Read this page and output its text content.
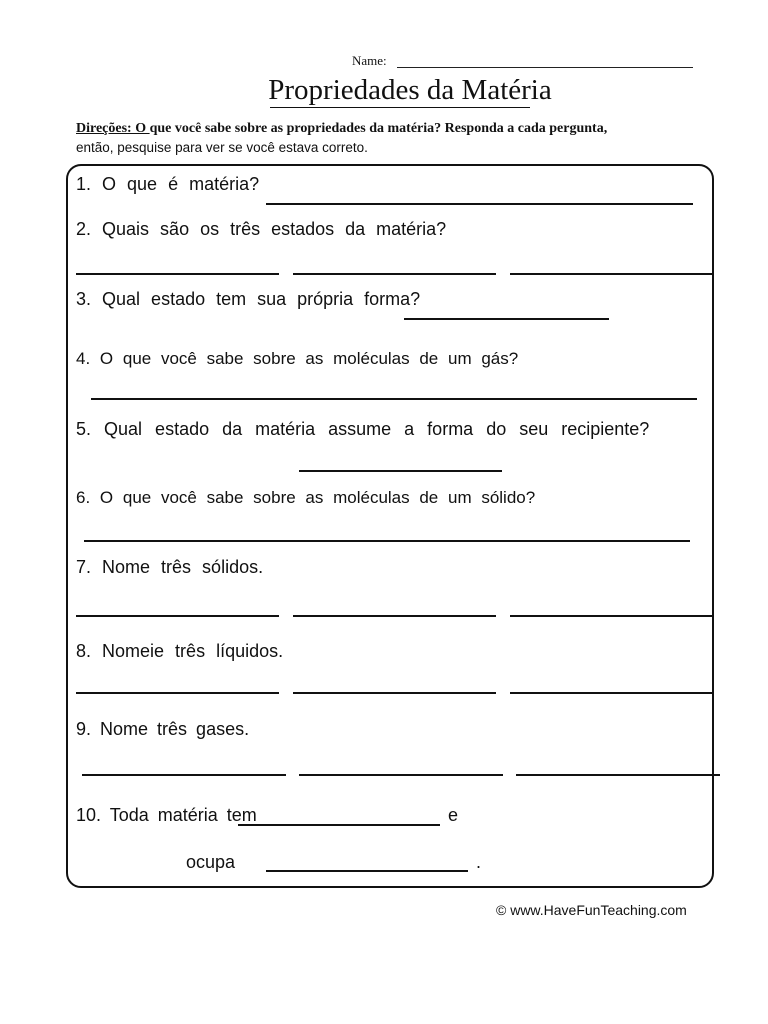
Name:
Propriedades da Matéria
Direções: O que você sabe sobre as propriedades da matéria? Responda a cada pergunta,
então, pesquise para ver se você estava correto.
1. O que é matéria?
2. Quais são os três estados da matéria?
3. Qual estado tem sua própria forma?
4. O que você sabe sobre as moléculas de um gás?
5. Qual estado da matéria assume a forma do seu recipiente?
6. O que você sabe sobre as moléculas de um sólido?
7. Nome três sólidos.
8. Nomeie três líquidos.
9. Nome três gases.
10. Toda matéria tem	e
ocupa	.
© www.HaveFunTeaching.com
